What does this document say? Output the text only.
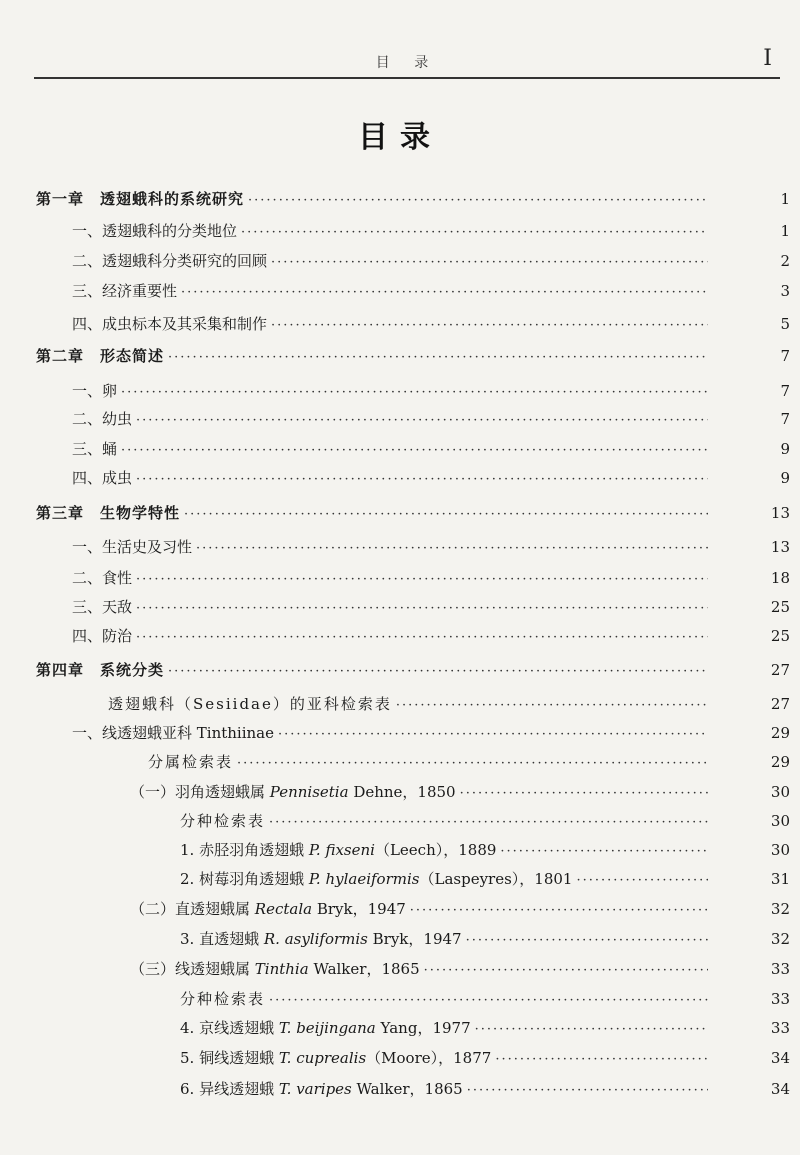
目 录	I
目录
第一章 透翅蛾科的系统研究 ·····	1
一、透翅蛾科的分类地位 ·····	1
二、透翅蛾科分类研究的回顾 ·····	2
三、经济重要性 ·····	3
四、成虫标本及其采集和制作 ·····	5
第二章 形态简述 ·····	7
一、卵 ·····	7
二、幼虫 ·····	7
三、蛹 ·····	9
四、成虫 ·····	9
第三章 生物学特性 ·····	13
一、生活史及习性 ·····	13
二、食性 ·····	18
三、天敌 ·····	25
四、防治 ·····	25
第四章 系统分类 ·····	27
透翅蛾科（Sesiidae）的亚科检索表 ·····	27
一、线透翅蛾亚科 Tinthiinae ·····	29
分属检索表 ·····	29
（一）羽角透翅蛾属 Pennisetia Dehne，1850 ·····	30
分种检索表 ·····	30
1. 赤胫羽角透翅蛾 P. fixseni（Leech），1889 ·····	30
2. 树莓羽角透翅蛾 P. hylaeiformis（Laspeyres），1801 ·····	31
（二）直透翅蛾属 Rectala Bryk，1947 ·····	32
3. 直透翅蛾 R. asyliformis Bryk，1947 ·····	32
（三）线透翅蛾属 Tinthia Walker，1865 ·····	33
分种检索表 ·····	33
4. 京线透翅蛾 T. beijingana Yang，1977 ·····	33
5. 铜线透翅蛾 T. cuprealis（Moore），1877 ·····	34
6. 异线透翅蛾 T. varipes Walker，1865 ·····	34
